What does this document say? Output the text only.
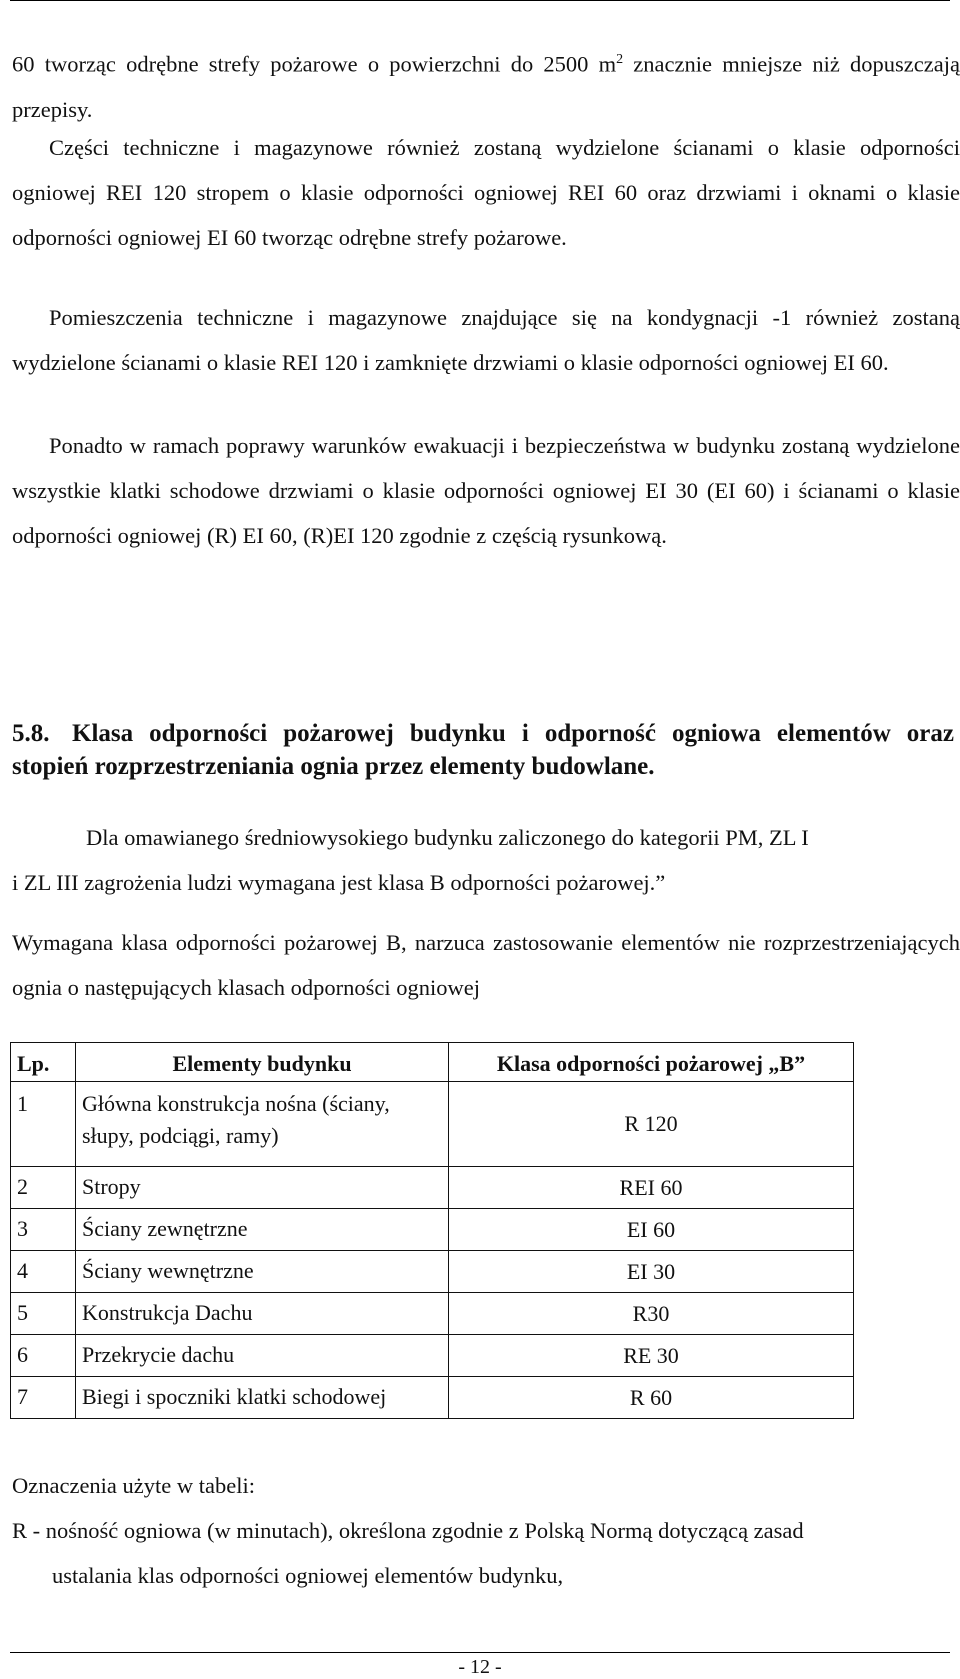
60 tworząc odrębne strefy pożarowe o powierzchni do 2500 $m^2$ znacznie mniejsze niż dopuszczają przepisy.

Części techniczne i magazynowe również zostaną wydzielone ścianami o klasie odporności ogniowej REI 120 stropem o klasie odporności ogniowej REI 60 oraz drzwiami i oknami o klasie odporności ogniowej EI 60 tworząc odrębne strefy pożarowe.

Pomieszczenia techniczne i magazynowe znajdujące się na kondygnacji -1 również zostaną wydzielone ścianami o klasie REI 120 i zamknięte drzwiami o klasie odporności ogniowej EI 60.

Ponadto w ramach poprawy warunków ewakuacji i bezpieczeństwa w budynku zostaną wydzielone wszystkie klatki schodowe drzwiami o klasie odporności ogniowej EI 30 (EI 60) i ścianami o klasie odporności ogniowej (R) EI 60, (R)EI 120 zgodnie z częścią rysunkową.

5.8. Klasa odporności pożarowej budynku i odporność ogniowa elementów oraz stopień rozprzestrzeniania ognia przez elementy budowlane.

Dla omawianego średniowysokiego budynku zaliczonego do kategorii PM, ZL I

i ZL III zagrożenia ludzi wymagana jest klasa B odporności pożarowej.”

Wymagana klasa odporności pożarowej B, narzuca zastosowanie elementów nie rozprzestrzeniających ognia o następujących klasach odporności ogniowej

Lp.	Elementy budynku	Klasa odporności pożarowej „B”
1	Główna konstrukcja nośna (ściany, słupy, podciągi, ramy)	R 120
2	Stropy	REI 60
3	Ściany zewnętrzne	EI 60
4	Ściany wewnętrzne	EI 30
5	Konstrukcja Dachu	R30
6	Przekrycie dachu	RE 30
7	Biegi i spoczniki klatki schodowej	R 60

Oznaczenia użyte w tabeli:

R - nośność ogniowa (w minutach), określona zgodnie z Polską Normą dotyczącą zasad

ustalania klas odporności ogniowej elementów budynku,

- 12 -
